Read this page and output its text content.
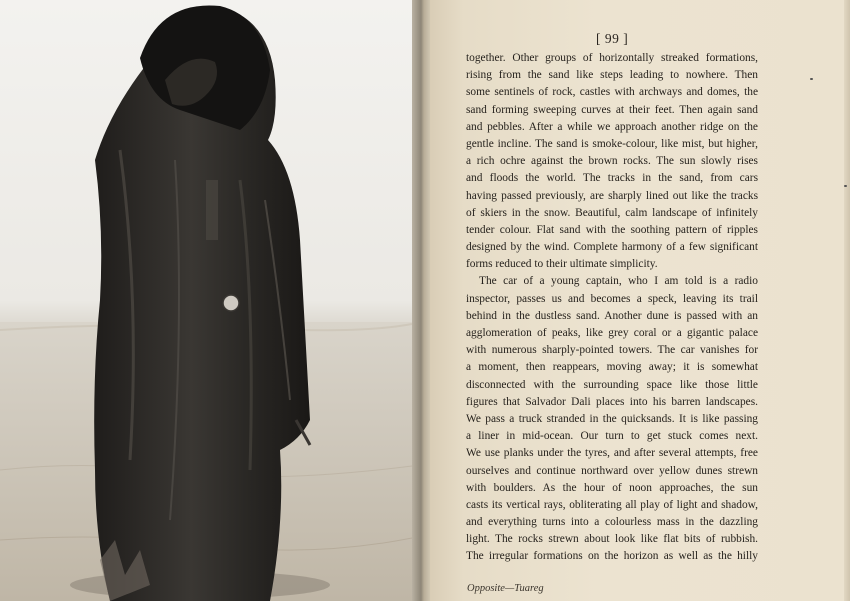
[ 99 ]
together. Other groups of horizontally streaked formations,
rising from the sand like steps leading to nowhere. Then
some sentinels of rock, castles with archways and domes, the
sand forming sweeping curves at their feet. Then again sand
and pebbles. After a while we approach another ridge on the
gentle incline. The sand is smoke-colour, like mist, but higher,
a rich ochre against the brown rocks. The sun slowly rises
and floods the world. The tracks in the sand, from cars
having passed previously, are sharply lined out like the tracks
of skiers in the snow. Beautiful, calm landscape of infinitely
tender colour. Flat sand with the soothing pattern of ripples
designed by the wind. Complete harmony of a few significant
forms reduced to their ultimate simplicity.
The car of a young captain, who I am told is a radio
inspector, passes us and becomes a speck, leaving its trail
behind in the dustless sand. Another dune is passed with an
agglomeration of peaks, like grey coral or a gigantic palace
with numerous sharply-pointed towers. The car vanishes for
a moment, then reappears, moving away; it is somewhat
disconnected with the surrounding space like those little
figures that Salvador Dali places into his barren landscapes.
We pass a truck stranded in the quicksands. It is like passing
a liner in mid-ocean. Our turn to get stuck comes next.
We use planks under the tyres, and after several attempts, free
ourselves and continue northward over yellow dunes strewn
with boulders. As the hour of noon approaches, the sun
casts its vertical rays, obliterating all play of light and shadow,
and everything turns into a colourless mass in the dazzling
light. The rocks strewn about look like flat bits of rubbish.
The irregular formations on the horizon as well as the hilly
Opposite—Tuareg
